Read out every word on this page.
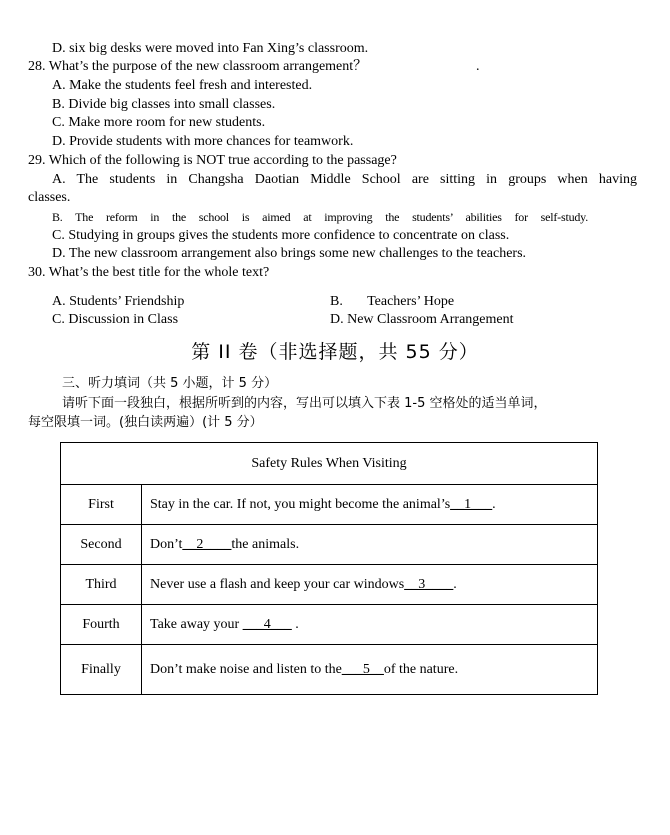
D. six big desks were moved into Fan Xing’s classroom.
28. What’s the purpose of the new classroom arrangement？	.
A. Make the students feel fresh and interested.
B. Divide big classes into small classes.
C. Make more room for new students.
D. Provide students with more chances for teamwork.
29. Which of the following is NOT true according to the passage?
A. The students in Changsha Daotian Middle School are sitting in groups when having
classes.
B. The reform in the school is aimed at improving the students’ abilities for self-study.
C. Studying in groups gives the students more confidence to concentrate on class.
D. The new classroom arrangement also brings some new challenges to the teachers.
30. What’s the best title for the whole text?
A. Students’ Friendship	B.       Teachers’ Hope
C. Discussion in Class	D. New Classroom Arrangement
第 II 卷（非选择题，共 55 分）
三、听力填词（共 5 小题，计 5 分）
请听下面一段独白，根据所听到的内容，写出可以填入下表 1-5 空格处的适当单词，
每空限填一词。(独白读两遍）(计 5 分）
Safety Rules When Visiting	
First	Stay in the car. If not, you might become the animal’s__1___.
Second	Don’t__2____the animals.
Third	Never use a flash and keep your car windows__3____.
Fourth	Take away your ___4___ .
Finally	Don’t make noise and listen to the___5__of the nature.
